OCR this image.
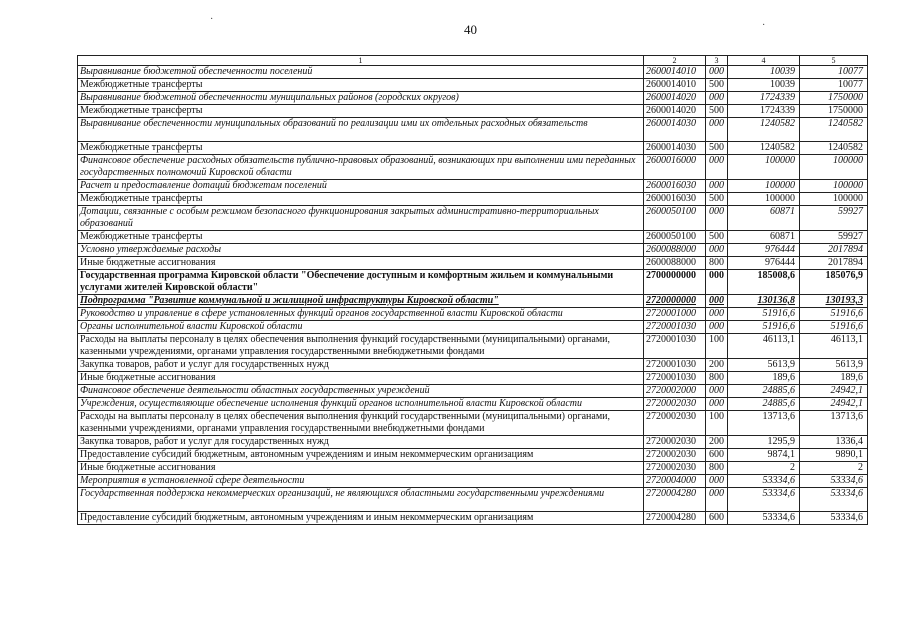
40
·
·
1	2	3	4	5
Выравнивание бюджетной обеспеченности поселений	2600014010	000	10039	10077
Межбюджетные трансферты	2600014010	500	10039	10077
Выравнивание бюджетной обеспеченности муниципальных районов (городских округов)	2600014020	000	1724339	1750000
Межбюджетные трансферты	2600014020	500	1724339	1750000
Выравнивание обеспеченности муниципальных образований по реализации ими их отдельных расходных обязательств	2600014030	000	1240582	1240582
Межбюджетные трансферты	2600014030	500	1240582	1240582
Финансовое обеспечение расходных обязательств публично-правовых образований, возникающих при выполнении ими переданных государственных полномочий Кировской области	2600016000	000	100000	100000
Расчет и предоставление дотаций бюджетам поселений	2600016030	000	100000	100000
Межбюджетные трансферты	2600016030	500	100000	100000
Дотации, связанные с особым режимом безопасного функционирования закрытых административно-территориальных образований	2600050100	000	60871	59927
Межбюджетные трансферты	2600050100	500	60871	59927
Условно утверждаемые расходы	2600088000	000	976444	2017894
Иные бюджетные ассигнования	2600088000	800	976444	2017894
Государственная программа Кировской области "Обеспечение доступным и комфортным жильем и коммунальными услугами жителей Кировской области"	2700000000	000	185008,6	185076,9
Подпрограмма "Развитие коммунальной и жилищной инфраструктуры Кировской области"	2720000000	000	130136,8	130193,3
Руководство и управление в сфере установленных функций органов государственной власти Кировской области	2720001000	000	51916,6	51916,6
Органы исполнительной власти Кировской области	2720001030	000	51916,6	51916,6
Расходы на выплаты персоналу в целях обеспечения выполнения функций государственными (муниципальными) органами, казенными учреждениями, органами управления государственными внебюджетными фондами	2720001030	100	46113,1	46113,1
Закупка товаров, работ и услуг для государственных нужд	2720001030	200	5613,9	5613,9
Иные бюджетные ассигнования	2720001030	800	189,6	189,6
Финансовое обеспечение деятельности областных государственных учреждений	2720002000	000	24885,6	24942,1
Учреждения, осуществляющие обеспечение исполнения функций органов исполнительной власти Кировской области	2720002030	000	24885,6	24942,1
Расходы на выплаты персоналу в целях обеспечения выполнения функций государственными (муниципальными) органами, казенными учреждениями, органами управления государственными внебюджетными фондами	2720002030	100	13713,6	13713,6
Закупка товаров, работ и услуг для государственных нужд	2720002030	200	1295,9	1336,4
Предоставление субсидий бюджетным, автономным учреждениям и иным некоммерческим организациям	2720002030	600	9874,1	9890,1
Иные бюджетные ассигнования	2720002030	800	2	2
Мероприятия в установленной сфере деятельности	2720004000	000	53334,6	53334,6
Государственная поддержка некоммерческих организаций, не являющихся областными государственными учреждениями	2720004280	000	53334,6	53334,6
Предоставление субсидий бюджетным, автономным учреждениям и иным некоммерческим организациям	2720004280	600	53334,6	53334,6
